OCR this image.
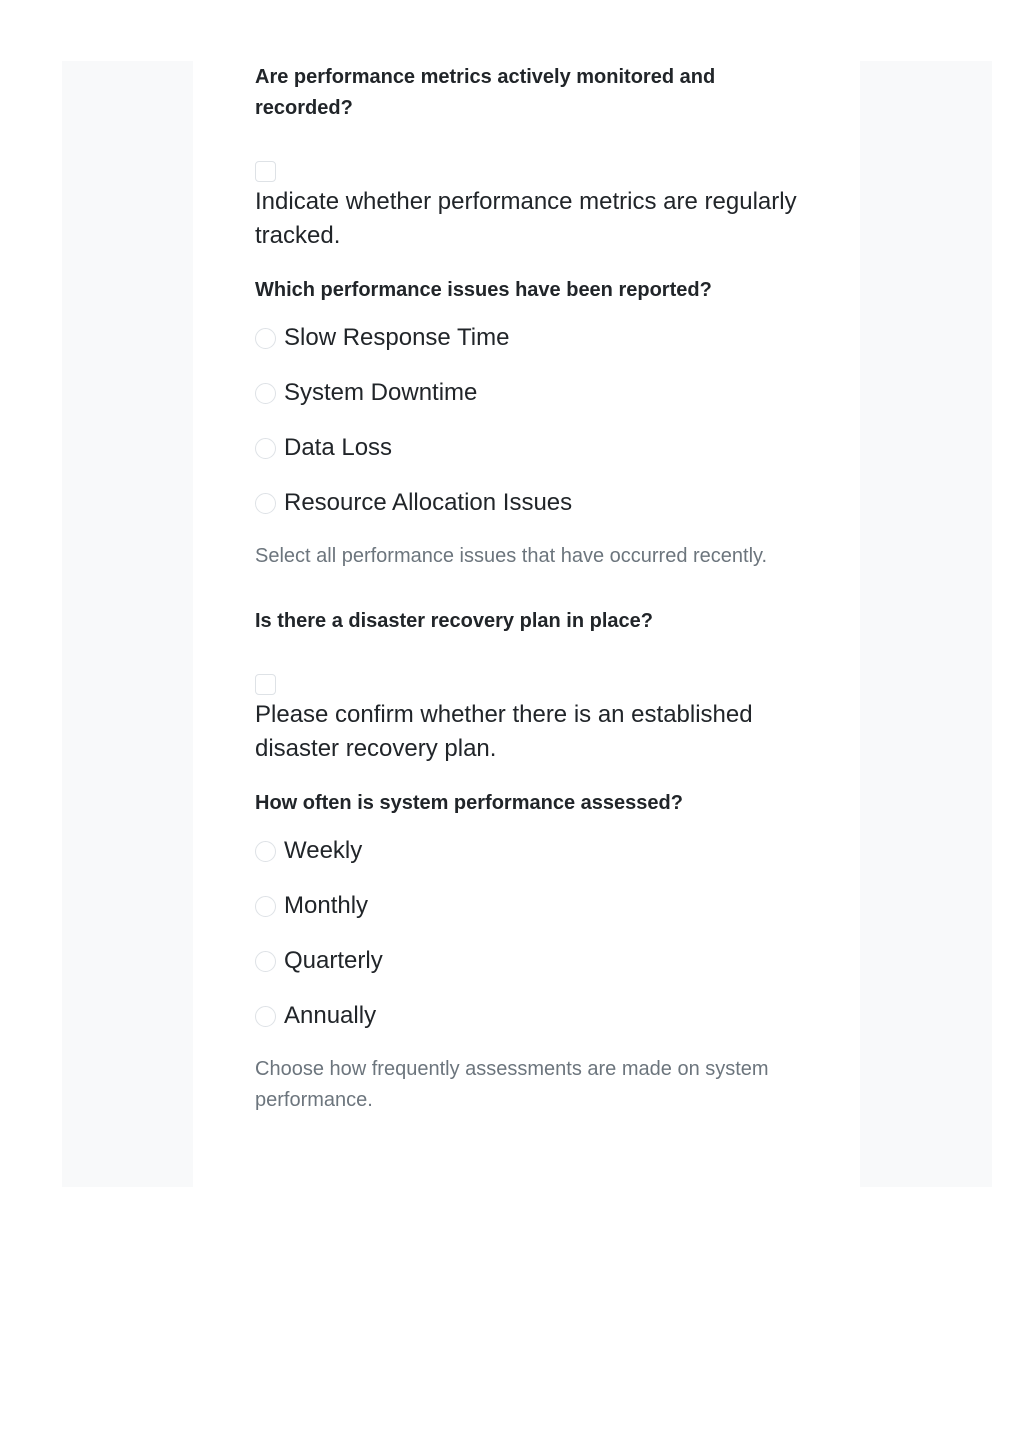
Are performance metrics actively monitored and recorded?

Indicate whether performance metrics are regularly tracked.

Which performance issues have been reported?

Slow Response Time
System Downtime
Data Loss
Resource Allocation Issues

Select all performance issues that have occurred recently.

Is there a disaster recovery plan in place?

Please confirm whether there is an established disaster recovery plan.

How often is system performance assessed?

Weekly
Monthly
Quarterly
Annually

Choose how frequently assessments are made on system performance.
